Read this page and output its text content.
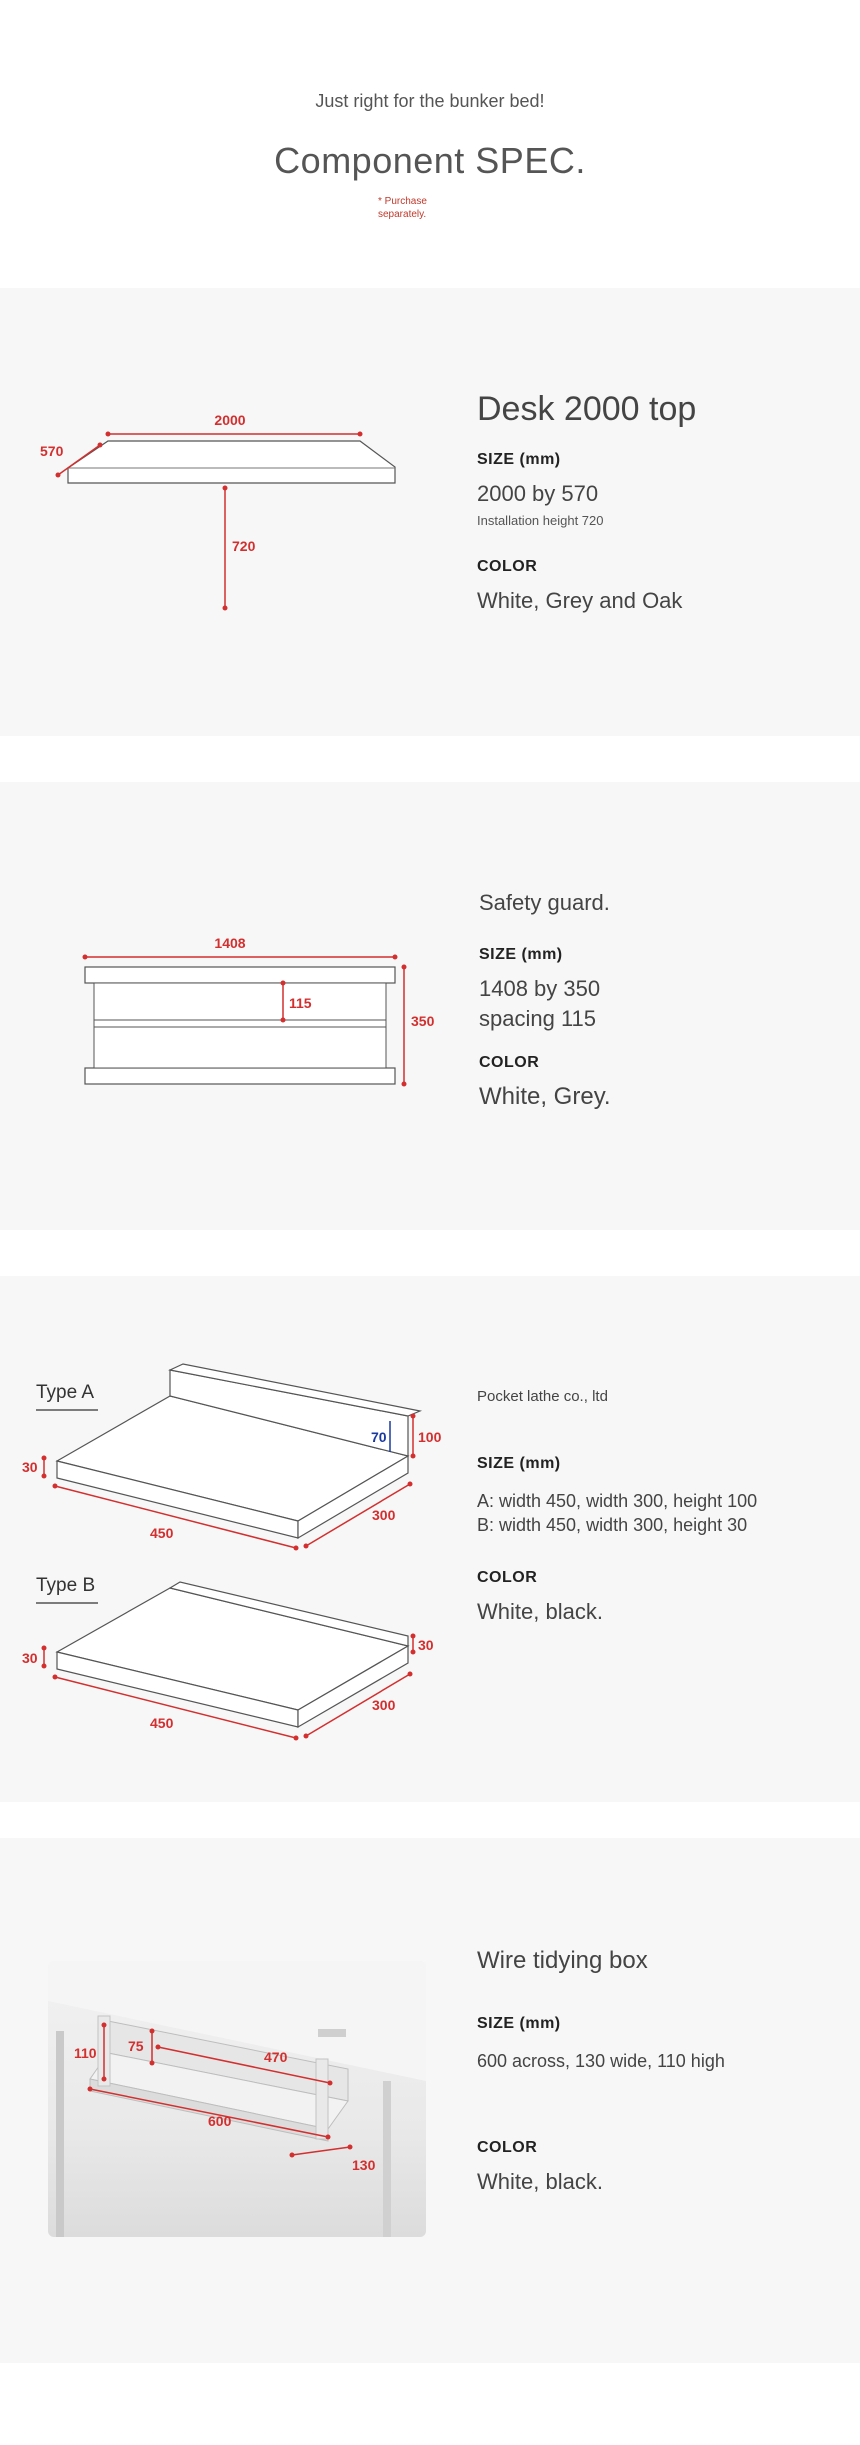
Just right for the bunker bed!
Component SPEC.
* Purchase
separately.
2000
570
720
Desk 2000 top
SIZE (mm)
2000 by 570
Installation height 720
COLOR
White, Grey and Oak
1408
115
350
Safety guard.
SIZE (mm)
1408 by 350
spacing 115
COLOR
White, Grey.
Type A
30
450
300
100
70
Type B
30
450
300
30
Pocket lathe co., ltd
SIZE (mm)
A: width 450, width 300, height 100
B: width 450, width 300, height 30
COLOR
White, black.
110 75
470
600
130
Wire tidying box
SIZE (mm)
600 across, 130 wide, 110 high
COLOR
White, black.
